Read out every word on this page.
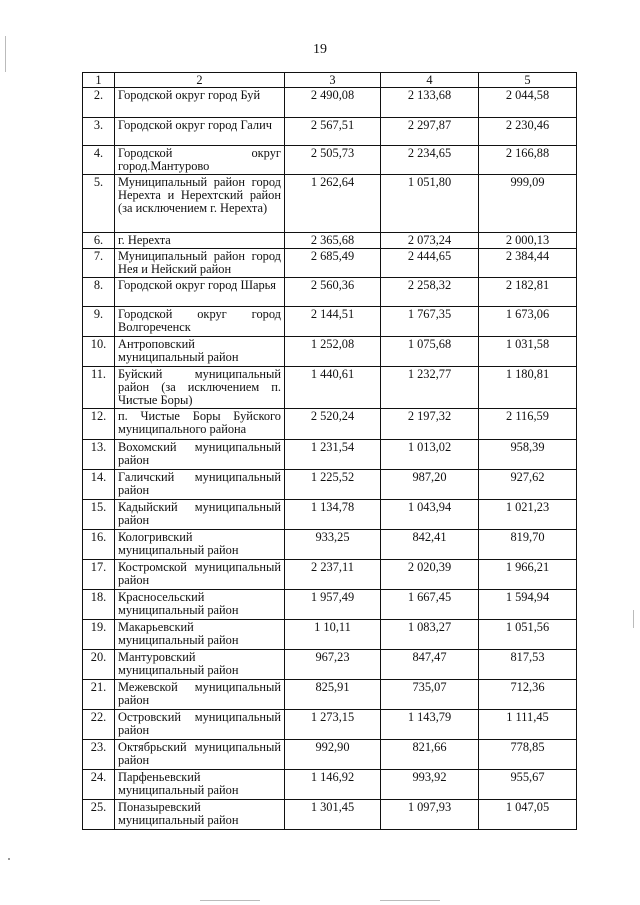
19
1	2	3	4	5
2.	Городской округ город Буй	2 490,08	2 133,68	2 044,58
3.	Городской округ город Галич	2 567,51	2 297,87	2 230,46
4.	Городской округ город.Мантурово	2 505,73	2 234,65	2 166,88
5.	Муниципальный район город Нерехта и Нерехтский район (за исключением г. Нерехта)	1 262,64	1 051,80	999,09
6.	г. Нерехта	2 365,68	2 073,24	2 000,13
7.	Муниципальный район город Нея и Нейский район	2 685,49	2 444,65	2 384,44
8.	Городской округ город Шарья	2 560,36	2 258,32	2 182,81
9.	Городской округ город Волгореченск	2 144,51	1 767,35	1 673,06
10.	Антроповский муниципальный район	1 252,08	1 075,68	1 031,58
11.	Буйский муниципальный район (за исключением п. Чистые Боры)	1 440,61	1 232,77	1 180,81
12.	п. Чистые Боры Буйского муниципального района	2 520,24	2 197,32	2 116,59
13.	Вохомский муниципальный район	1 231,54	1 013,02	958,39
14.	Галичский муниципальный район	1 225,52	987,20	927,62
15.	Кадыйский муниципальный район	1 134,78	1 043,94	1 021,23
16.	Кологривский муниципальный район	933,25	842,41	819,70
17.	Костромской муниципальный район	2 237,11	2 020,39	1 966,21
18.	Красносельский муниципальный район	1 957,49	1 667,45	1 594,94
19.	Макарьевский муниципальный район	1 10,11	1 083,27	1 051,56
20.	Мантуровский муниципальный район	967,23	847,47	817,53
21.	Межевской муниципальный район	825,91	735,07	712,36
22.	Островский муниципальный район	1 273,15	1 143,79	1 111,45
23.	Октябрьский муниципальный район	992,90	821,66	778,85
24.	Парфеньевский муниципальный район	1 146,92	993,92	955,67
25.	Поназыревский муниципальный район	1 301,45	1 097,93	1 047,05
